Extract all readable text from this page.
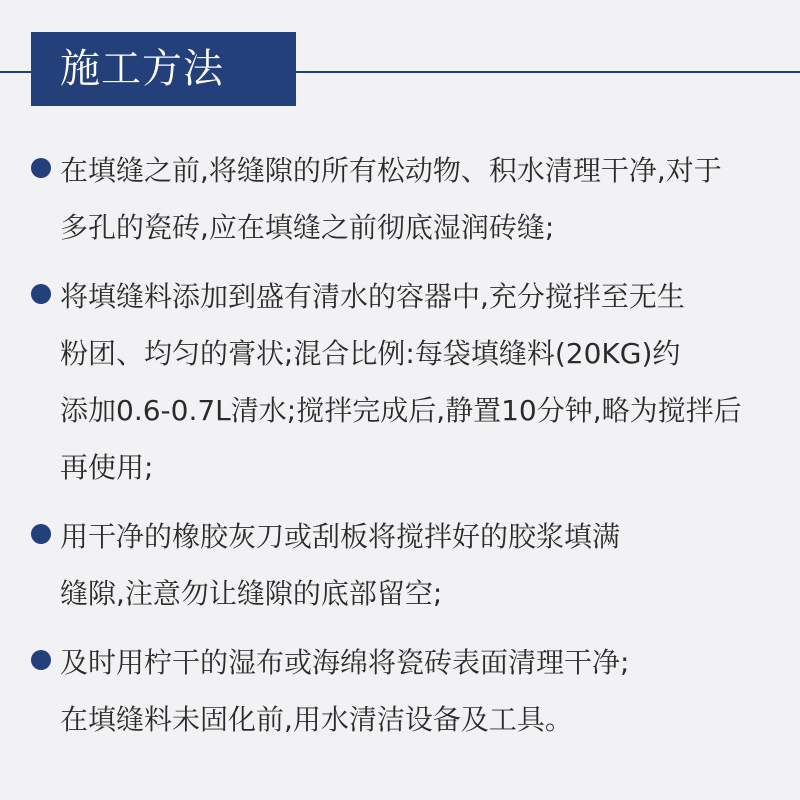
施工方法
在填缝之前,将缝隙的所有松动物、积水清理干净,对于
多孔的瓷砖,应在填缝之前彻底湿润砖缝;
将填缝料添加到盛有清水的容器中,充分搅拌至无生
粉团、均匀的膏状;混合比例:每袋填缝料(20KG)约
添加0.6-0.7L清水;搅拌完成后,静置10分钟,略为搅拌后
再使用;
用干净的橡胶灰刀或刮板将搅拌好的胶浆填满
缝隙,注意勿让缝隙的底部留空;
及时用柠干的湿布或海绵将瓷砖表面清理干净;
在填缝料未固化前,用水清洁设备及工具。
